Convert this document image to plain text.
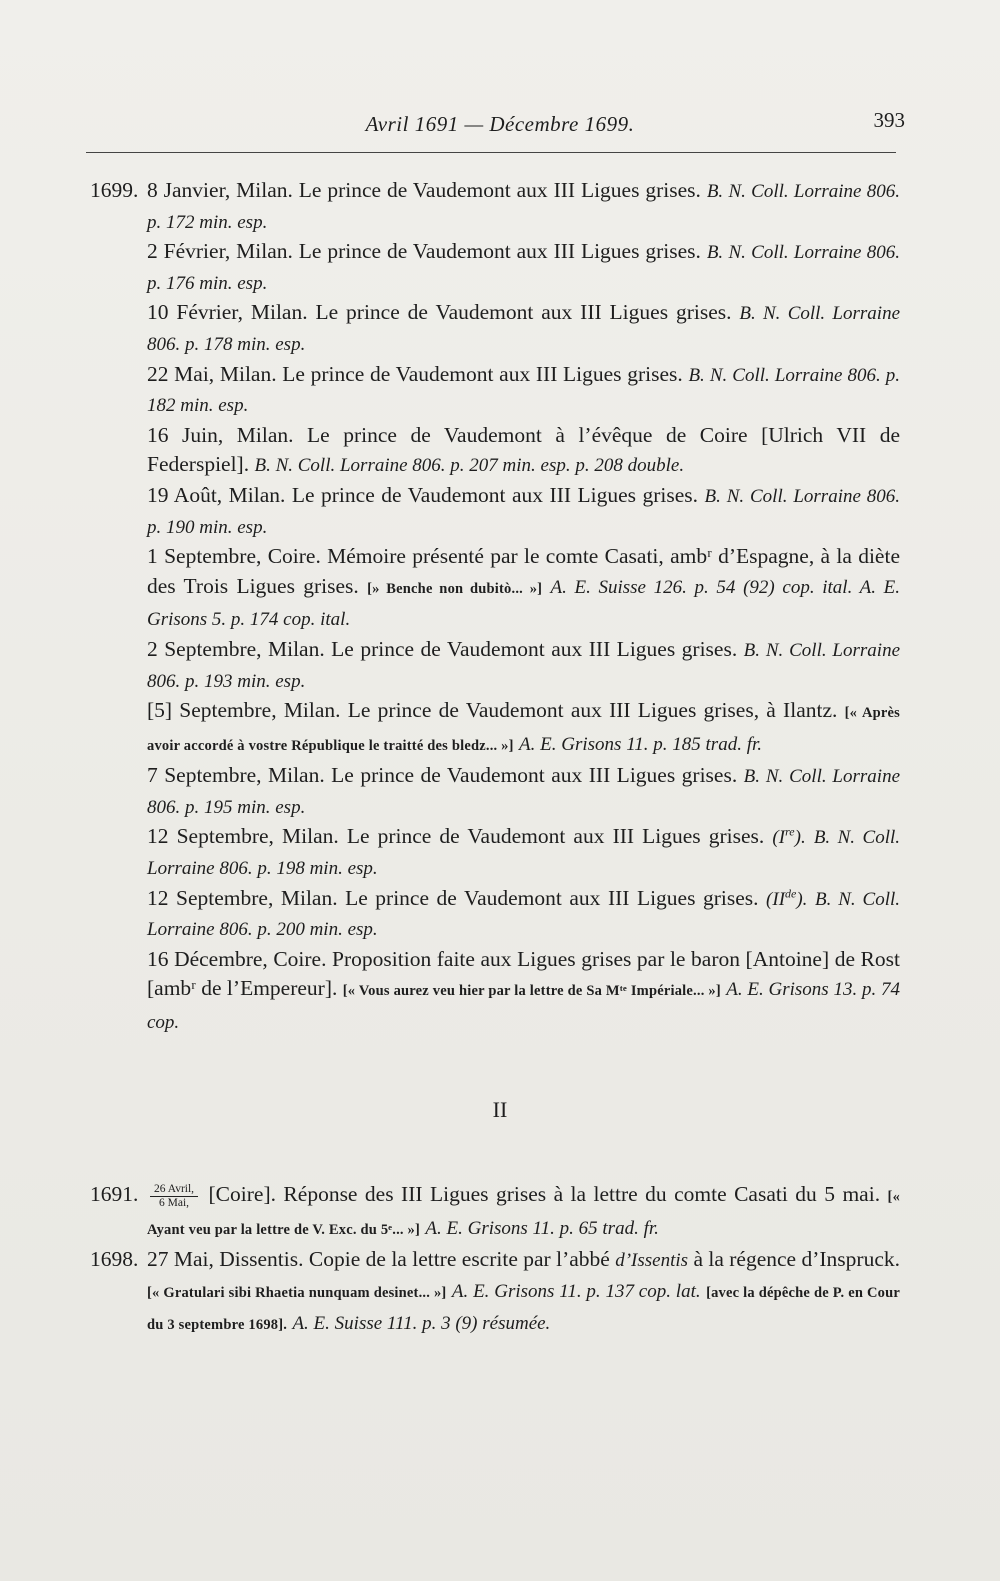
Avril 1691 — Décembre 1699.	393

1699. 8 Janvier, Milan. Le prince de Vaudemont aux III Ligues grises. B. N. Coll. Lorraine 806. p. 172 min. esp.

2 Février, Milan. Le prince de Vaudemont aux III Ligues grises. B. N. Coll. Lorraine 806. p. 176 min. esp.

10 Février, Milan. Le prince de Vaudemont aux III Ligues grises. B. N. Coll. Lorraine 806. p. 178 min. esp.

22 Mai, Milan. Le prince de Vaudemont aux III Ligues grises. B. N. Coll. Lorraine 806. p. 182 min. esp.

16 Juin, Milan. Le prince de Vaudemont à l’évêque de Coire [Ulrich VII de Federspiel]. B. N. Coll. Lorraine 806. p. 207 min. esp. p. 208 double.

19 Août, Milan. Le prince de Vaudemont aux III Ligues grises. B. N. Coll. Lorraine 806. p. 190 min. esp.

1 Septembre, Coire. Mémoire présenté par le comte Casati, ambʳ d’Espagne, à la diète des Trois Ligues grises. [» Benche non dubitò... »] A. E. Suisse 126. p. 54 (92) cop. ital. A. E. Grisons 5. p. 174 cop. ital.

2 Septembre, Milan. Le prince de Vaudemont aux III Ligues grises. B. N. Coll. Lorraine 806. p. 193 min. esp.

[5] Septembre, Milan. Le prince de Vaudemont aux III Ligues grises, à Ilantz. [« Après avoir accordé à vostre République le traitté des bledz... »] A. E. Grisons 11. p. 185 trad. fr.

7 Septembre, Milan. Le prince de Vaudemont aux III Ligues grises. B. N. Coll. Lorraine 806. p. 195 min. esp.

12 Septembre, Milan. Le prince de Vaudemont aux III Ligues grises. (Ire). B. N. Coll. Lorraine 806. p. 198 min. esp.

12 Septembre, Milan. Le prince de Vaudemont aux III Ligues grises. (IIde). B. N. Coll. Lorraine 806. p. 200 min. esp.

16 Décembre, Coire. Proposition faite aux Ligues grises par le baron [Antoine] de Rost [ambʳ de l’Empereur]. [« Vous aurez veu hier par la lettre de Sa Mᵗᵉ Impériale... »] A. E. Grisons 13. p. 74 cop.

II

1691. $\frac{\text{26 Avril,}}{\text{6 Mai,}}$ [Coire]. Réponse des III Ligues grises à la lettre du comte Casati du 5 mai. [« Ayant veu par la lettre de V. Exc. du 5ᵉ... »] A. E. Grisons 11. p. 65 trad. fr.

1698. 27 Mai, Dissentis. Copie de la lettre escrite par l’abbé d’Issentis à la régence d’Inspruck. [« Gratulari sibi Rhaetia nunquam desinet... »] A. E. Grisons 11. p. 137 cop. lat. [avec la dépêche de P. en Cour du 3 septembre 1698]. A. E. Suisse 111. p. 3 (9) résumée.
